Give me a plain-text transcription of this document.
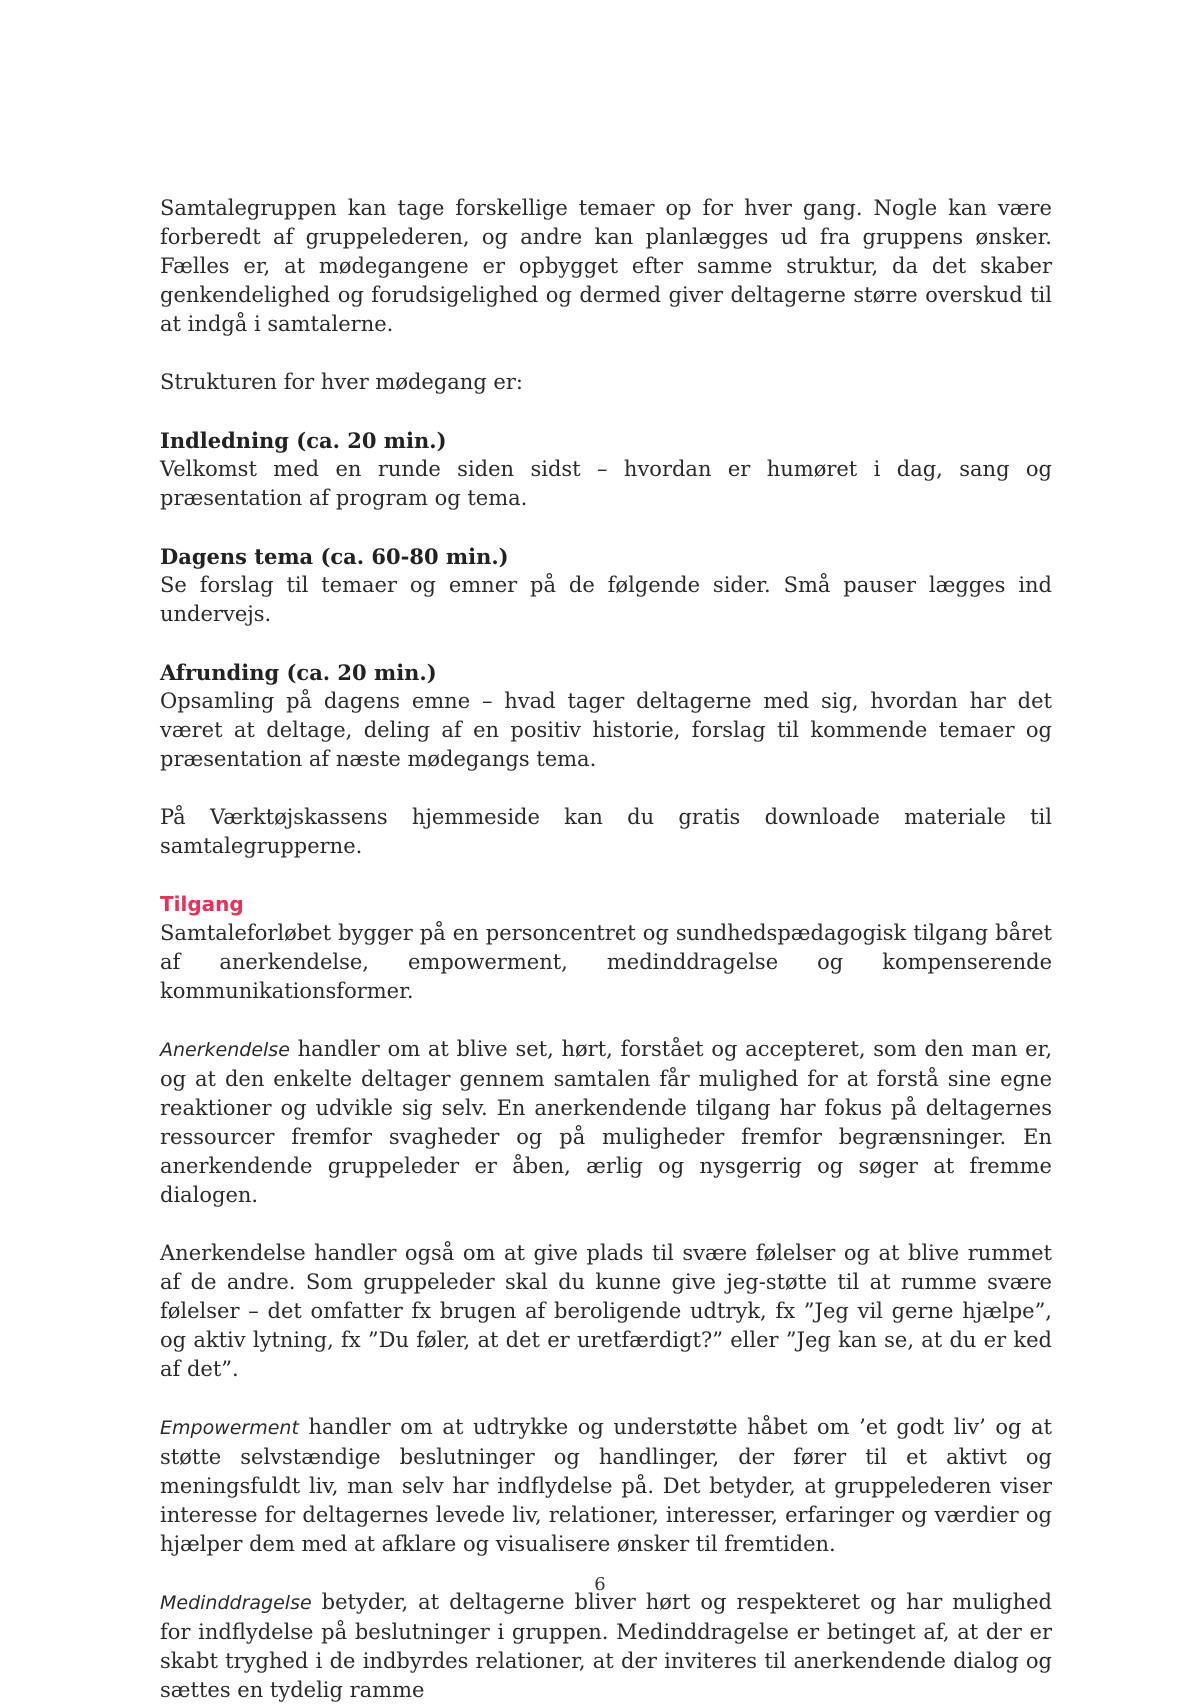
Samtalegruppen kan tage forskellige temaer op for hver gang. Nogle kan være forberedt af gruppelederen, og andre kan planlægges ud fra gruppens ønsker. Fælles er, at mødegangene er opbygget efter samme struktur, da det skaber genkendelighed og forudsigelighed og dermed giver deltagerne større overskud til at indgå i samtalerne.

Strukturen for hver mødegang er:

Indledning (ca. 20 min.)

Velkomst med en runde siden sidst – hvordan er humøret i dag, sang og præsentation af program og tema.

Dagens tema (ca. 60-80 min.)

Se forslag til temaer og emner på de følgende sider. Små pauser lægges ind undervejs.

Afrunding (ca. 20 min.)

Opsamling på dagens emne – hvad tager deltagerne med sig, hvordan har det været at deltage, deling af en positiv historie, forslag til kommende temaer og præsentation af næste mødegangs tema.

På Værktøjskassens hjemmeside kan du gratis downloade materiale til samtalegrupperne.

Tilgang

Samtaleforløbet bygger på en personcentret og sundhedspædagogisk tilgang båret af anerkendelse, empowerment, medinddragelse og kompenserende kommunikationsformer.

Anerkendelse handler om at blive set, hørt, forstået og accepteret, som den man er, og at den enkelte deltager gennem samtalen får mulighed for at forstå sine egne reaktioner og udvikle sig selv. En anerkendende tilgang har fokus på deltagernes ressourcer fremfor svagheder og på muligheder fremfor begrænsninger. En anerkendende gruppeleder er åben, ærlig og nysgerrig og søger at fremme dialogen.

Anerkendelse handler også om at give plads til svære følelser og at blive rummet af de andre. Som gruppeleder skal du kunne give jeg-støtte til at rumme svære følelser – det omfatter fx brugen af beroligende udtryk, fx ”Jeg vil gerne hjælpe”, og aktiv lytning, fx ”Du føler, at det er uretfærdigt?” eller ”Jeg kan se, at du er ked af det”.

Empowerment handler om at udtrykke og understøtte håbet om ’et godt liv’ og at støtte selvstændige beslutninger og handlinger, der fører til et aktivt og meningsfuldt liv, man selv har indflydelse på. Det betyder, at gruppelederen viser interesse for deltagernes levede liv, relationer, interesser, erfaringer og værdier og hjælper dem med at afklare og visualisere ønsker til fremtiden.

Medinddragelse betyder, at deltagerne bliver hørt og respekteret og har mulighed for indflydelse på beslutninger i gruppen. Medinddragelse er betinget af, at der er skabt tryghed i de indbyrdes relationer, at der inviteres til anerkendende dialog og sættes en tydelig ramme

6
